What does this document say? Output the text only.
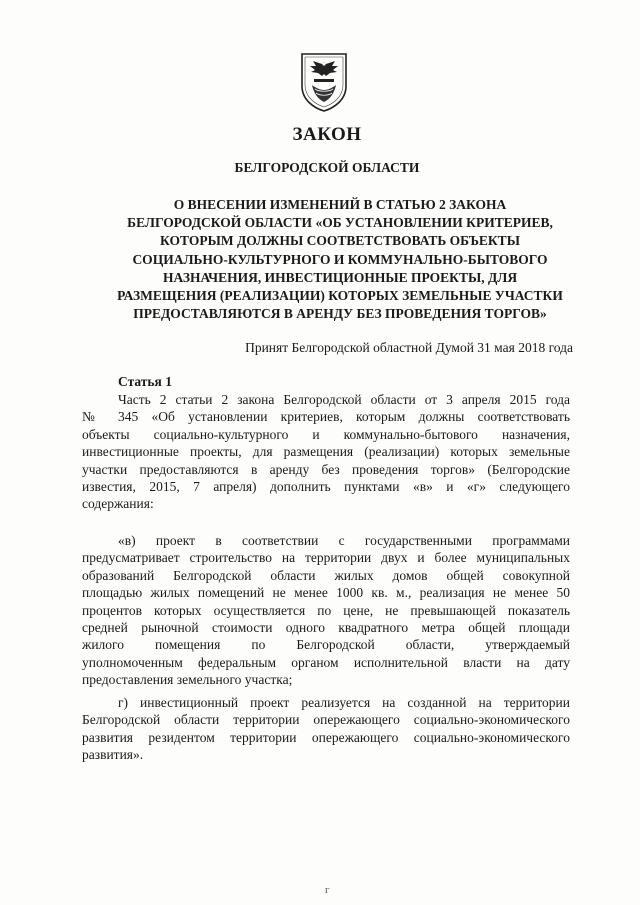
ЗАКОН
БЕЛГОРОДСКОЙ ОБЛАСТИ
О ВНЕСЕНИИ ИЗМЕНЕНИЙ В СТАТЬЮ 2 ЗАКОНА
БЕЛГОРОДСКОЙ ОБЛАСТИ «ОБ УСТАНОВЛЕНИИ КРИТЕРИЕВ,
КОТОРЫМ ДОЛЖНЫ СООТВЕТСТВОВАТЬ ОБЪЕКТЫ
СОЦИАЛЬНО-КУЛЬТУРНОГО И КОММУНАЛЬНО-БЫТОВОГО
НАЗНАЧЕНИЯ, ИНВЕСТИЦИОННЫЕ ПРОЕКТЫ, ДЛЯ
РАЗМЕЩЕНИЯ (РЕАЛИЗАЦИИ) КОТОРЫХ ЗЕМЕЛЬНЫЕ УЧАСТКИ
ПРЕДОСТАВЛЯЮТСЯ В АРЕНДУ БЕЗ ПРОВЕДЕНИЯ ТОРГОВ»
Принят Белгородской областной Думой 31 мая 2018 года
Статья 1
Часть 2 статьи 2 закона Белгородской области от 3 апреля 2015 года
№ 345 «Об установлении критериев, которым должны соответствовать
объекты социально-культурного и коммунально-бытового назначения,
инвестиционные проекты, для размещения (реализации) которых земельные
участки предоставляются в аренду без проведения торгов» (Белгородские
известия, 2015, 7 апреля) дополнить пунктами «в» и «г» следующего
содержания:
«в) проект в соответствии с государственными программами
предусматривает строительство на территории двух и более муниципальных
образований Белгородской области жилых домов общей совокупной
площадью жилых помещений не менее 1000 кв. м., реализация не менее 50
процентов которых осуществляется по цене, не превышающей показатель
средней рыночной стоимости одного квадратного метра общей площади
жилого помещения по Белгородской области, утверждаемый
уполномоченным федеральным органом исполнительной власти на дату
предоставления земельного участка;
г) инвестиционный проект реализуется на созданной на территории
Белгородской области территории опережающего социально-экономического
развития резидентом территории опережающего социально-экономического
развития».
г
